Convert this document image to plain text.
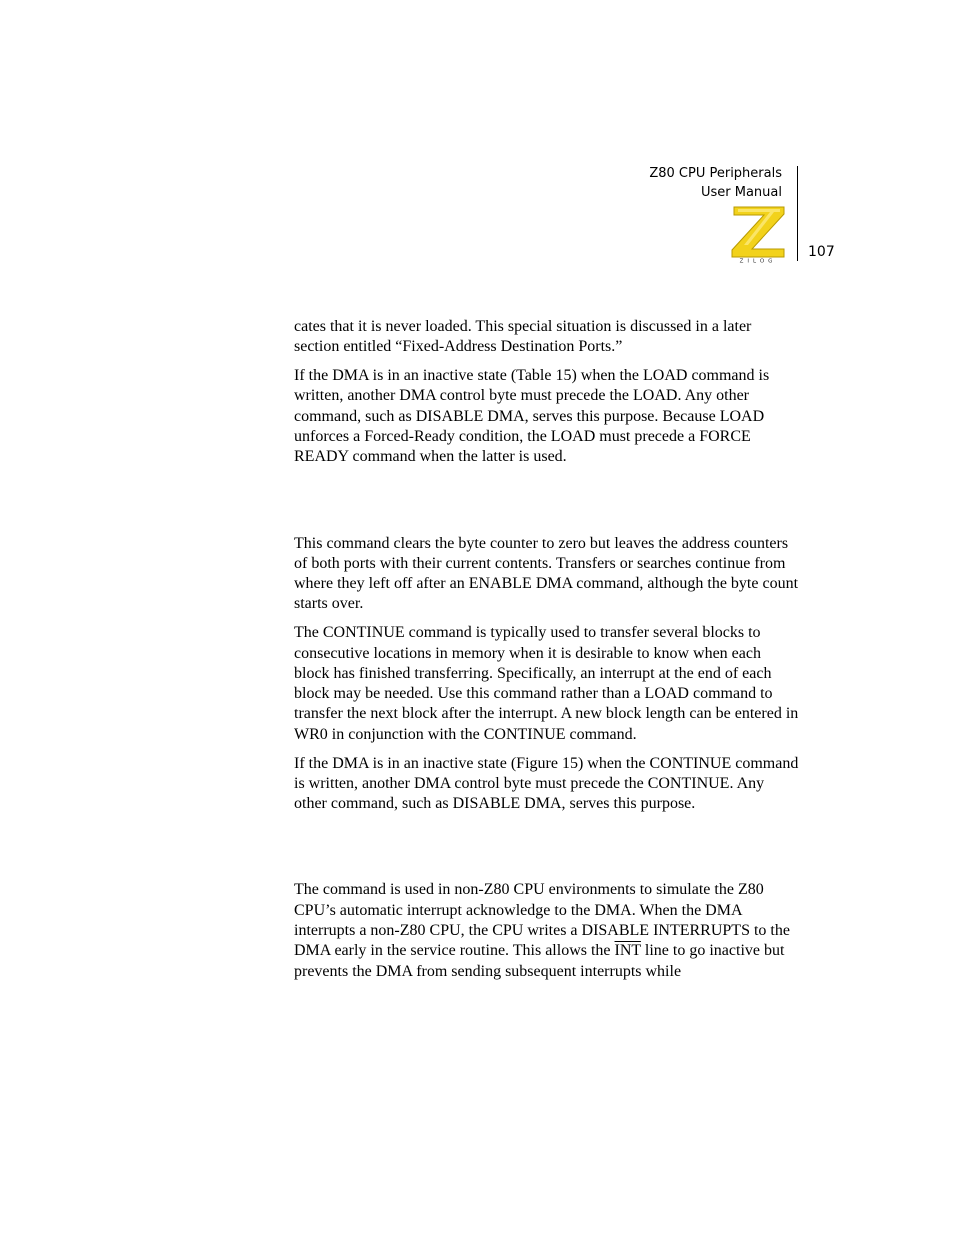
Z80 CPU Peripherals
User Manual
ZILOG
107

cates that it is never loaded. This special situation is discussed in a later section entitled “Fixed-Address Destination Ports.”

If the DMA is in an inactive state (Table 15) when the LOAD command is written, another DMA control byte must precede the LOAD. Any other command, such as DISABLE DMA, serves this purpose. Because LOAD unforces a Forced-Ready condition, the LOAD must precede a FORCE READY command when the latter is used.

This command clears the byte counter to zero but leaves the address counters of both ports with their current contents. Transfers or searches continue from where they left off after an ENABLE DMA command, although the byte count starts over.

The CONTINUE command is typically used to transfer several blocks to consecutive locations in memory when it is desirable to know when each block has finished transferring. Specifically, an interrupt at the end of each block may be needed. Use this command rather than a LOAD command to transfer the next block after the interrupt. A new block length can be entered in WR0 in conjunction with the CONTINUE command.

If the DMA is in an inactive state (Figure 15) when the CONTINUE command is written, another DMA control byte must precede the CONTINUE. Any other command, such as DISABLE DMA, serves this purpose.

The command is used in non-Z80 CPU environments to simulate the Z80 CPU’s automatic interrupt acknowledge to the DMA. When the DMA interrupts a non-Z80 CPU, the CPU writes a DISABLE INTERRUPTS to the DMA early in the service routine. This allows the $\overline{INT}$ line to go inactive but prevents the DMA from sending subsequent interrupts while
